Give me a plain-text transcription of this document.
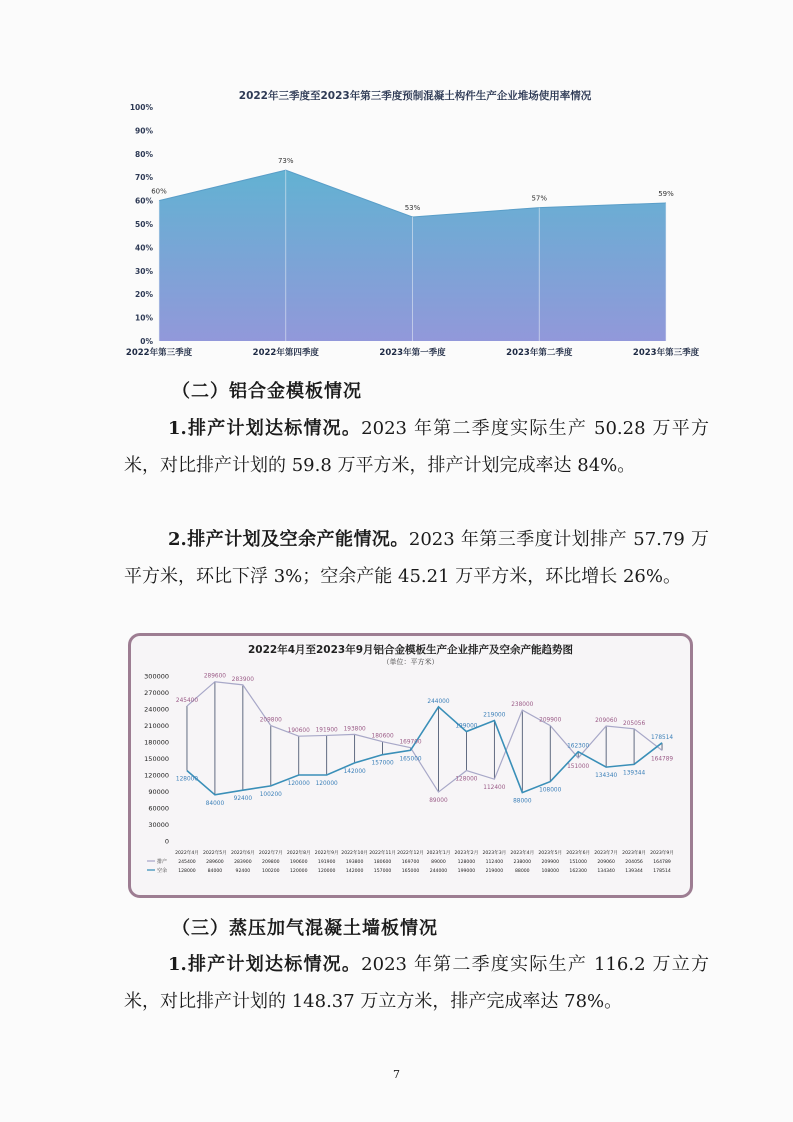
2022年三季度至2023年第三季度预制混凝土构件生产企业堆场使用率情况
0%
10%
20%
30%
40%
50%
60%
70%
80%
90%
100%
60%
2022年第三季度
73%
2022年第四季度
53%
2023年第一季度
57%
2023年第二季度
59%
2023年第三季度
（二）铝合金模板情况
1.排产计划达标情况。2023 年第二季度实际生产 50.28 万平方米，对比排产计划的 59.8 万平方米，排产计划完成率达 84%。
2.排产计划及空余产能情况。2023 年第三季度计划排产 57.79 万平方米，环比下浮 3%；空余产能 45.21 万平方米，环比增长 26%。
0
30000
60000
90000
120000
150000
180000
210000
240000
270000
300000
245400
289600
283900
209800
190600 191900 193800
180600
169700
89000
128000
112400
238000
209900
151000
209060 205056
164789
128000
84000
92400
100200
120000 120000
142000
157000
165000
244000
199000
219000
88000
108000
162300
134340 139344
178514
2022年4月 2022年5月 2022年6月 2022年7月 2022年8月 2022年9月 2022年10月 2022年11月 2022年12月 2023年1月 2023年2月 2023年3月 2023年4月 2023年5月 2023年6月 2023年7月 2023年8月 2023年9月
排产 245400 289600 283900 209800 190600 191900 193800 180600 169700	89000	128000 112400 238000 209900 151000 209060 204056 164789
空余 128000	84000	92400	100200 120000 120000 142000 157000 165000 244000 199000 219000	88000	108000 162300 134340 139344 178514
2022年4月至2023年9月铝合金模板生产企业排产及空余产能趋势图
（单位：平方米）
（三）蒸压加气混凝土墙板情况
1.排产计划达标情况。2023 年第二季度实际生产 116.2 万立方米，对比排产计划的 148.37 万立方米，排产完成率达 78%。
7
